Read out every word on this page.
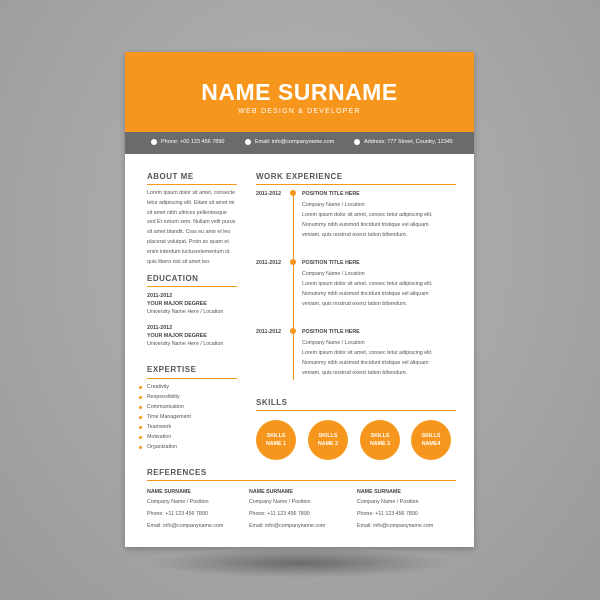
NAME SURNAME
WEB DESIGN & DEVELOPER
Phone: +00 123 456 7890	Email: info@companyname.com	Address: 777 Street, Country, 12345
ABOUT ME
Lorem ipsum dolor sit amet, consecte
tetur adipiscing elit. Etiam sit amet mi
sit amet nibh ultrices pellentesque
sed Et rutrum sem. Nullam velit purus
sit amet blandit. Cras eu ante et leo
placerat volutpat. Proin ac quam et
enim interdum luctusrelementum id
quis libero nisl sit amet leo.
EDUCATION
2011-2012
YOUR MAJOR DEGREE
University Name Here / Location
2011-2012
YOUR MAJOR DEGREE
University Name Here / Location
EXPERTISE
Creativity
Responsibility
Communication
Time Management
Teamwork
Motivation
Organization
WORK EXPERIENCE
2011-2012	POSITION TITLE HERE
Company Name / Location
Lorem ipsum dolor sit amet, consec tetur adipiscing elit.
Nonummy nibh euismod tincidunt tristique vel aliquam
veniam, quis nostrud exerci tation bibendum.
2011-2012	POSITION TITLE HERE
Company Name / Location
Lorem ipsum dolor sit amet, consec tetur adipiscing elit.
Nonummy nibh euismod tincidunt tristique vel aliquam
veniam, quis nostrud exerci tation bibendum.
2011-2012	POSITION TITLE HERE
Company Name / Location
Lorem ipsum dolor sit amet, consec tetur adipiscing elit.
Nonummy nibh euismod tincidunt tristique vel aliquam
veniam, quis nostrud exerci tation bibendum.
SKILLS
SKILLS
NAME 1
SKILLS
NAME 2
SKILLS
NAME 3
SKILLS
NAME4
REFERENCES
NAME SURNAME
Company Name / Position
Phone: +11 123 456 7890
Email: info@companyname.com
NAME SURNAME
Company Name / Position
Phone: +11 123 456 7890
Email: info@companyname.com
NAME SURNAME
Company Name / Position
Phone: +11 123 456 7890
Email: info@companyname.com
